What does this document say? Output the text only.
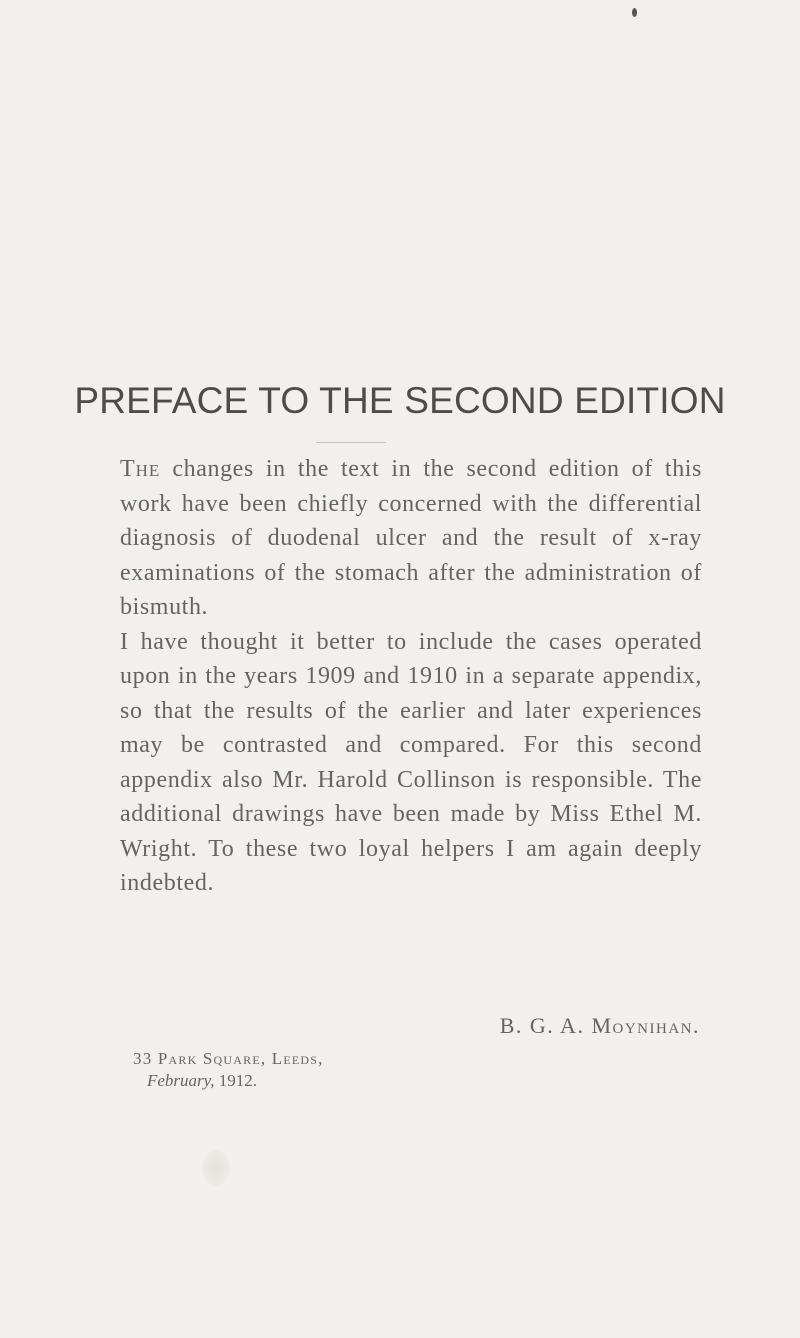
PREFACE TO THE SECOND EDITION

The changes in the text in the second edition of this work have been chiefly concerned with the differential diagnosis of duodenal ulcer and the result of x-ray examinations of the stomach after the administration of bismuth.

I have thought it better to include the cases operated upon in the years 1909 and 1910 in a separate appendix, so that the results of the earlier and later experiences may be contrasted and compared. For this second appendix also Mr. Harold Collinson is responsible. The additional drawings have been made by Miss Ethel M. Wright. To these two loyal helpers I am again deeply indebted.

B. G. A. Moynihan.
33 Park Square, Leeds,
February, 1912.
